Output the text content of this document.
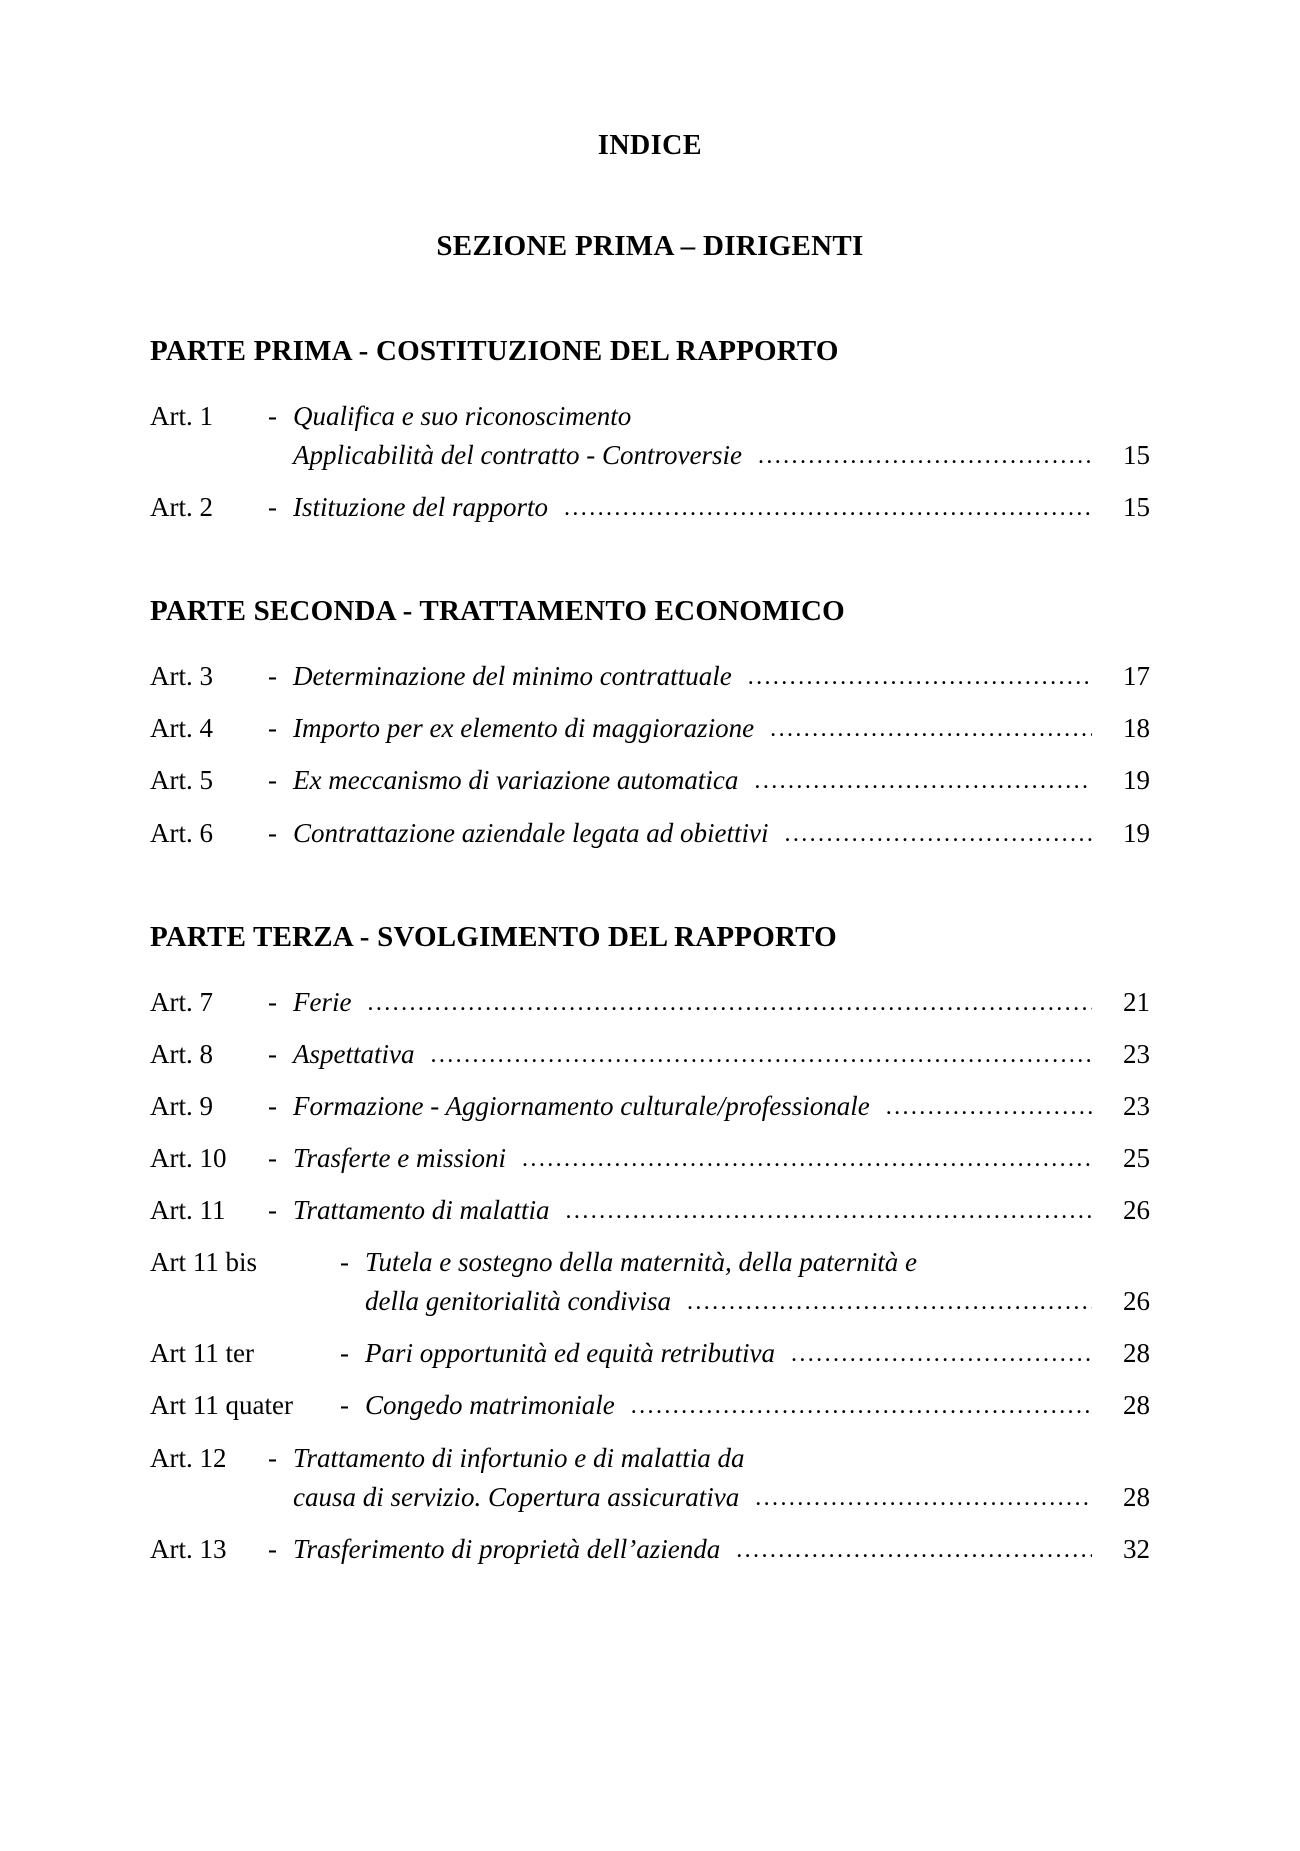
INDICE
SEZIONE PRIMA – DIRIGENTI
PARTE PRIMA - COSTITUZIONE DEL RAPPORTO
Art. 1	- Qualifica e suo riconoscimento
Applicabilità del contratto - Controversie .....	15
Art. 2	- Istituzione del rapporto .....	15
PARTE SECONDA - TRATTAMENTO ECONOMICO
Art. 3	- Determinazione del minimo contrattuale .....	17
Art. 4	- Importo per ex elemento di maggiorazione .....	18
Art. 5	- Ex meccanismo di variazione automatica .....	19
Art. 6	- Contrattazione aziendale legata ad obiettivi .....	19
PARTE TERZA - SVOLGIMENTO DEL RAPPORTO
Art. 7	- Ferie .....	21
Art. 8	- Aspettativa .....	23
Art. 9	- Formazione - Aggiornamento culturale/professionale .....	23
Art. 10	- Trasferte e missioni .....	25
Art. 11	- Trattamento di malattia .....	26
Art 11 bis	- Tutela e sostegno della maternità, della paternità e
della genitorialità condivisa .....	26
Art 11 ter	- Pari opportunità ed equità retributiva .....	28
Art 11 quater	- Congedo matrimoniale .....	28
Art. 12	- Trattamento di infortunio e di malattia da
causa di servizio. Copertura assicurativa .....	28
Art. 13	- Trasferimento di proprietà dell’azienda .....	32
